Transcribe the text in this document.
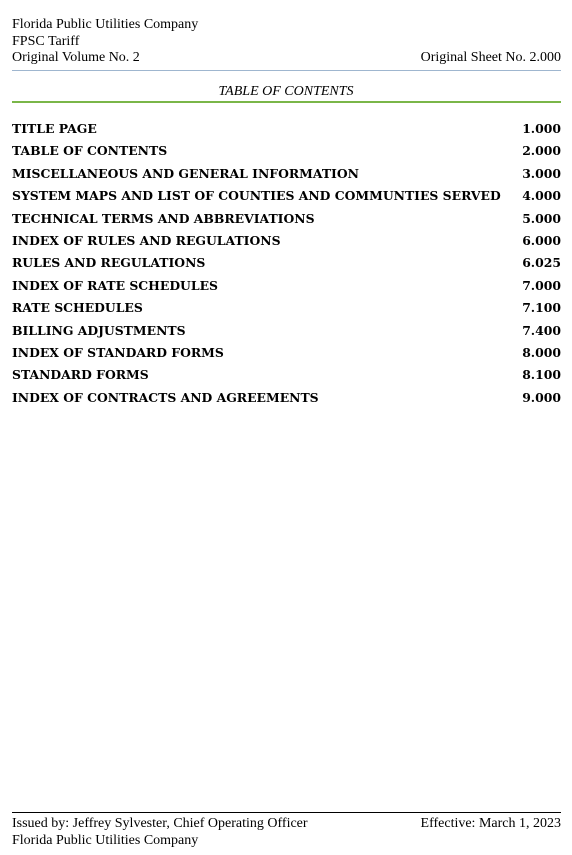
Florida Public Utilities Company
FPSC Tariff
Original Volume No. 2	Original Sheet No. 2.000
TABLE OF CONTENTS
TITLE PAGE	1.000
TABLE OF CONTENTS	2.000
MISCELLANEOUS AND GENERAL INFORMATION	3.000
SYSTEM MAPS AND LIST OF COUNTIES AND COMMUNTIES SERVED 4.000
TECHNICAL TERMS AND ABBREVIATIONS	5.000
INDEX OF RULES AND REGULATIONS	6.000
RULES AND REGULATIONS	6.025
INDEX OF RATE SCHEDULES	7.000
RATE SCHEDULES	7.100
BILLING ADJUSTMENTS	7.400
INDEX OF STANDARD FORMS	8.000
STANDARD FORMS	8.100
INDEX OF CONTRACTS AND AGREEMENTS	9.000
Issued by: Jeffrey Sylvester, Chief Operating Officer	Effective: March 1, 2023
Florida Public Utilities Company
